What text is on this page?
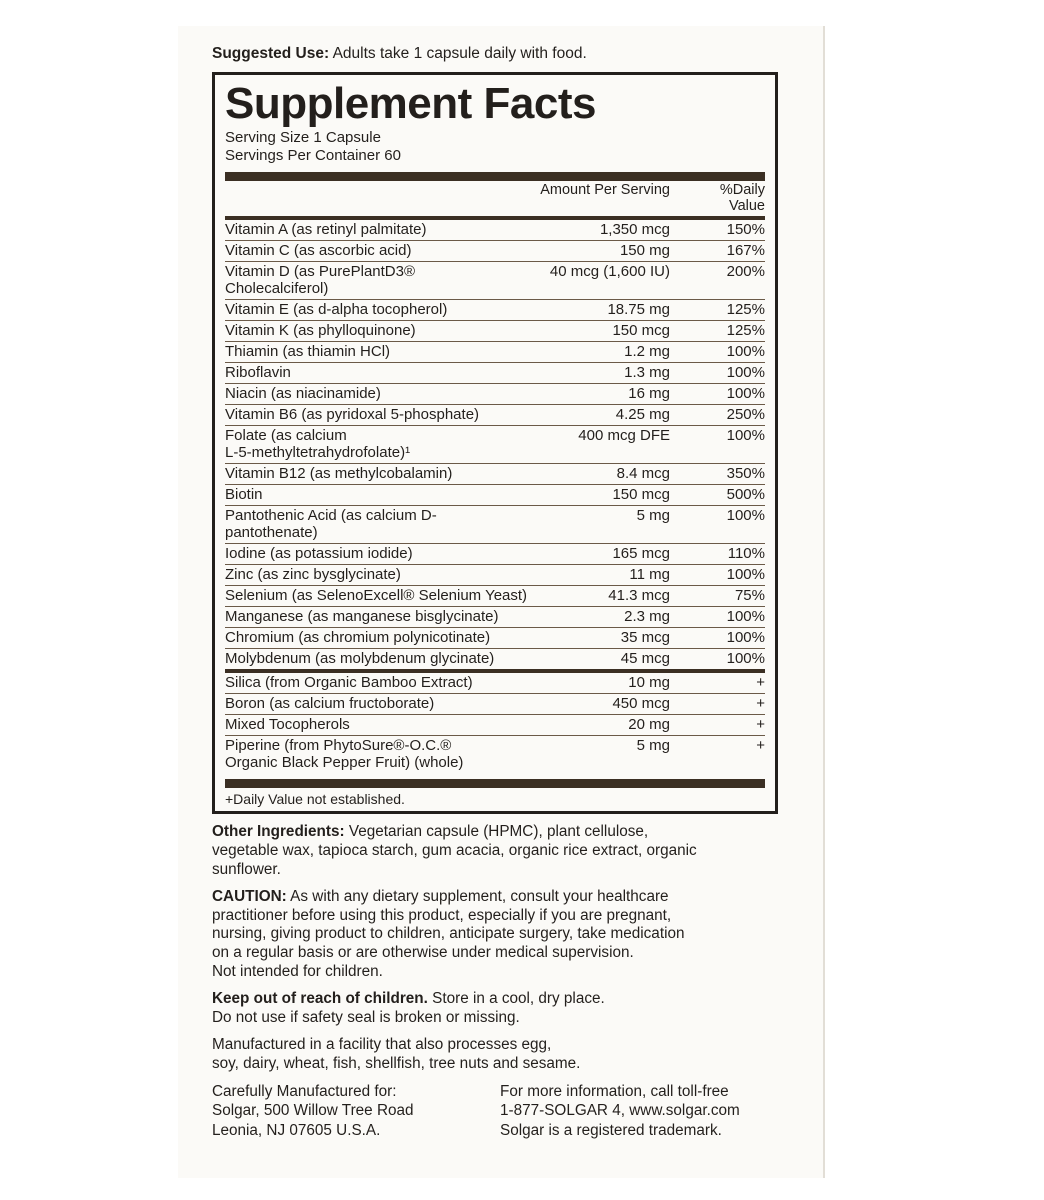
Suggested Use: Adults take 1 capsule daily with food.
Supplement Facts
Serving Size 1 Capsule
Servings Per Container 60
	Amount Per Serving	%Daily Value
Vitamin A (as retinyl palmitate)	1,350 mcg	150%
Vitamin C (as ascorbic acid)	150 mg	167%
Vitamin D (as PurePlantD3®
Cholecalciferol)	40 mcg (1,600 IU)	200%
Vitamin E (as d-alpha tocopherol)	18.75 mg	125%
Vitamin K (as phylloquinone)	150 mcg	125%
Thiamin (as thiamin HCl)	1.2 mg	100%
Riboflavin	1.3 mg	100%
Niacin (as niacinamide)	16 mg	100%
Vitamin B6 (as pyridoxal 5-phosphate)	4.25 mg	250%
Folate (as calcium
L-5-methyltetrahydrofolate)¹	400 mcg DFE	100%
Vitamin B12 (as methylcobalamin)	8.4 mcg	350%
Biotin	150 mcg	500%
Pantothenic Acid (as calcium D-pantothenate)	5 mg	100%
Iodine (as potassium iodide)	165 mcg	110%
Zinc (as zinc bysglycinate)	11 mg	100%
Selenium (as SelenoExcell® Selenium Yeast)	41.3 mcg	75%
Manganese (as manganese bisglycinate)	2.3 mg	100%
Chromium (as chromium polynicotinate)	35 mcg	100%
Molybdenum (as molybdenum glycinate)	45 mcg	100%
Silica (from Organic Bamboo Extract)	10 mg	+
Boron (as calcium fructoborate)	450 mcg	+
Mixed Tocopherols	20 mg	+
Piperine (from PhytoSure®-O.C.®
Organic Black Pepper Fruit) (whole)	5 mg	+
+Daily Value not established.

Other Ingredients: Vegetarian capsule (HPMC), plant cellulose,
vegetable wax, tapioca starch, gum acacia, organic rice extract, organic
sunflower.

CAUTION: As with any dietary supplement, consult your healthcare
practitioner before using this product, especially if you are pregnant,
nursing, giving product to children, anticipate surgery, take medication
on a regular basis or are otherwise under medical supervision.
Not intended for children.

Keep out of reach of children. Store in a cool, dry place.
Do not use if safety seal is broken or missing.

Manufactured in a facility that also processes egg,
soy, dairy, wheat, fish, shellfish, tree nuts and sesame.

Carefully Manufactured for:
Solgar, 500 Willow Tree Road
Leonia, NJ 07605 U.S.A.
For more information, call toll-free
1-877-SOLGAR 4, www.solgar.com
Solgar is a registered trademark.
